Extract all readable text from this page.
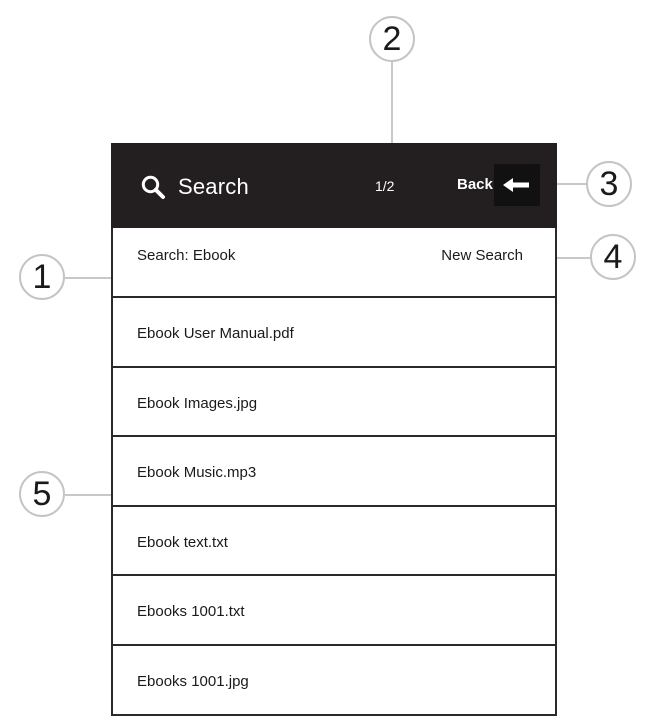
Search	1/2	Back
Search: Ebook	New Search
Ebook User Manual.pdf
Ebook Images.jpg
Ebook Music.mp3
Ebook text.txt
Ebooks 1001.txt
Ebooks 1001.jpg
2
3
4
1
5
